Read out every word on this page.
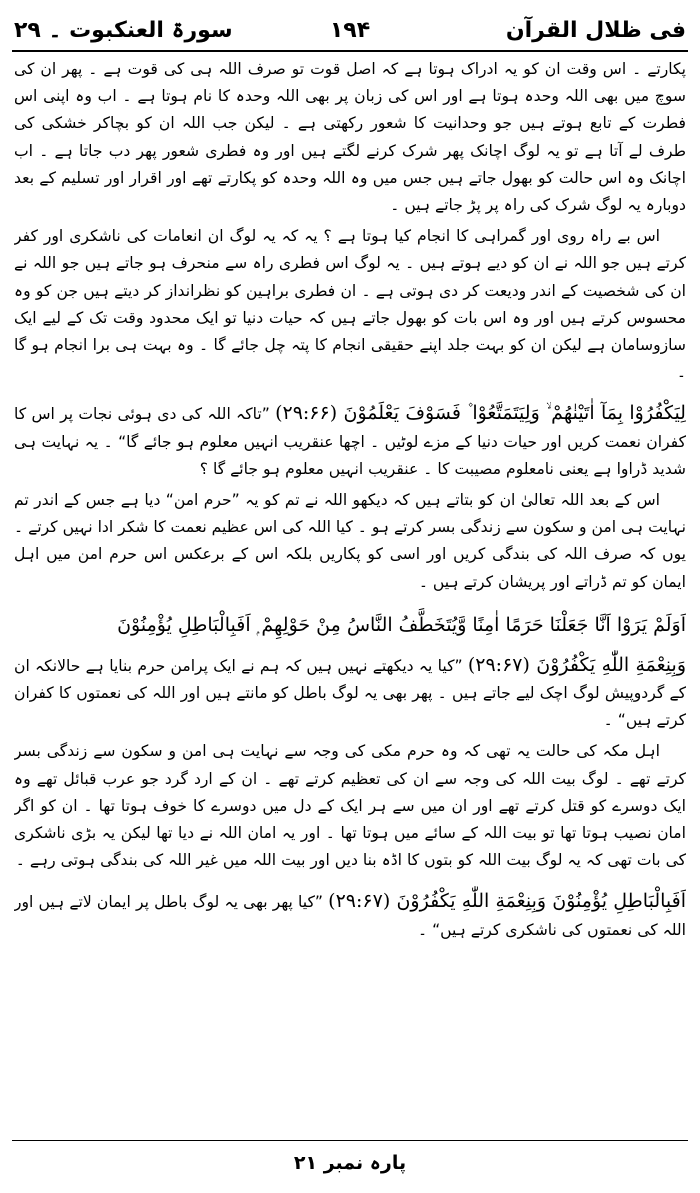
فی ظلال القرآن
۱۹۴
سورۃ العنکبوت ۔ ۲۹

پکارتے ۔ اس وقت ان کو یہ ادراک ہوتا ہے کہ اصل قوت تو صرف اللہ ہی کی قوت ہے ۔ پھر ان کی سوچ میں بھی اللہ وحدہ ہوتا ہے اور اس کی زبان پر بھی اللہ وحدہ کا نام ہوتا ہے ۔ اب وہ اپنی اس فطرت کے تابع ہوتے ہیں جو وحدانیت کا شعور رکھتی ہے ۔ لیکن جب اللہ ان کو بچاکر خشکی کی طرف لے آتا ہے تو یہ لوگ اچانک پھر شرک کرنے لگتے ہیں اور وہ فطری شعور پھر دب جاتا ہے ۔ اب اچانک وہ اس حالت کو بھول جاتے ہیں جس میں وہ اللہ وحدہ کو پکارتے تھے اور اقرار اور تسلیم کے بعد دوبارہ یہ لوگ شرک کی راہ پر پڑ جاتے ہیں ۔

اس بے راہ روی اور گمراہی کا انجام کیا ہوتا ہے ؟ یہ کہ یہ لوگ ان انعامات کی ناشکری اور کفر کرتے ہیں جو اللہ نے ان کو دیے ہوتے ہیں ۔ یہ لوگ اس فطری راہ سے منحرف ہو جاتے ہیں جو اللہ نے ان کی شخصیت کے اندر ودیعت کر دی ہوتی ہے ۔ ان فطری براہین کو نظرانداز کر دیتے ہیں جن کو وہ محسوس کرتے ہیں اور وہ اس بات کو بھول جاتے ہیں کہ حیات دنیا تو ایک محدود وقت تک کے لیے ایک سازوسامان ہے لیکن ان کو بہت جلد اپنے حقیقی انجام کا پتہ چل جائے گا ۔ وہ بہت ہی برا انجام ہو گا ۔

لِيَكْفُرُوْا بِمَآ اٰتَيْنٰهُمْ ۙ وَلِيَتَمَتَّعُوْا ۫ فَسَوْفَ يَعْلَمُوْنَ (۲۹:۶۶) ”تاکہ اللہ کی دی ہوئی نجات پر اس کا کفران نعمت کریں اور حیات دنیا کے مزے لوٹیں ۔ اچھا عنقریب انہیں معلوم ہو جائے گا“ ۔ یہ نہایت ہی شدید ڈراوا ہے یعنی نامعلوم مصیبت کا ۔ عنقریب انہیں معلوم ہو جائے گا ؟

اس کے بعد اللہ تعالیٰ ان کو بتاتے ہیں کہ دیکھو اللہ نے تم کو یہ ”حرم امن“ دیا ہے جس کے اندر تم نہایت ہی امن و سکون سے زندگی بسر کرتے ہو ۔ کیا اللہ کی اس عظیم نعمت کا شکر ادا نہیں کرتے ۔ یوں کہ صرف اللہ کی بندگی کریں اور اسی کو پکاریں بلکہ اس کے برعکس اس حرم امن میں اہل ایمان کو تم ڈراتے اور پریشان کرتے ہیں ۔

اَوَلَمْ يَرَوْا اَنَّا جَعَلْنَا حَرَمًا اٰمِنًا وَّيُتَخَطَّفُ النَّاسُ مِنْ حَوْلِهِمْ ۭ اَفَبِالْبَاطِلِ يُؤْمِنُوْنَ

وَبِنِعْمَةِ اللّٰهِ يَكْفُرُوْنَ (۲۹:۶۷) ”کیا یہ دیکھتے نہیں ہیں کہ ہم نے ایک پرامن حرم بنایا ہے حالانکہ ان کے گردوپیش لوگ اچک لیے جاتے ہیں ۔ پھر بھی یہ لوگ باطل کو مانتے ہیں اور اللہ کی نعمتوں کا کفران کرتے ہیں“ ۔

اہل مکہ کی حالت یہ تھی کہ وہ حرم مکی کی وجہ سے نہایت ہی امن و سکون سے زندگی بسر کرتے تھے ۔ لوگ بیت اللہ کی وجہ سے ان کی تعظیم کرتے تھے ۔ ان کے ارد گرد جو عرب قبائل تھے وہ ایک دوسرے کو قتل کرتے تھے اور ان میں سے ہر ایک کے دل میں دوسرے کا خوف ہوتا تھا ۔ ان کو اگر امان نصیب ہوتا تھا تو بیت اللہ کے سائے میں ہوتا تھا ۔ اور یہ امان اللہ نے دیا تھا لیکن یہ بڑی ناشکری کی بات تھی کہ یہ لوگ بیت اللہ کو بتوں کا اڈہ بنا دیں اور بیت اللہ میں غیر اللہ کی بندگی ہوتی رہے ۔

اَفَبِالْبَاطِلِ يُؤْمِنُوْنَ وَبِنِعْمَةِ اللّٰهِ يَكْفُرُوْنَ (۲۹:۶۷) ”کیا پھر بھی یہ لوگ باطل پر ایمان لاتے ہیں اور اللہ کی نعمتوں کی ناشکری کرتے ہیں“ ۔

پارہ نمبر ۲۱
